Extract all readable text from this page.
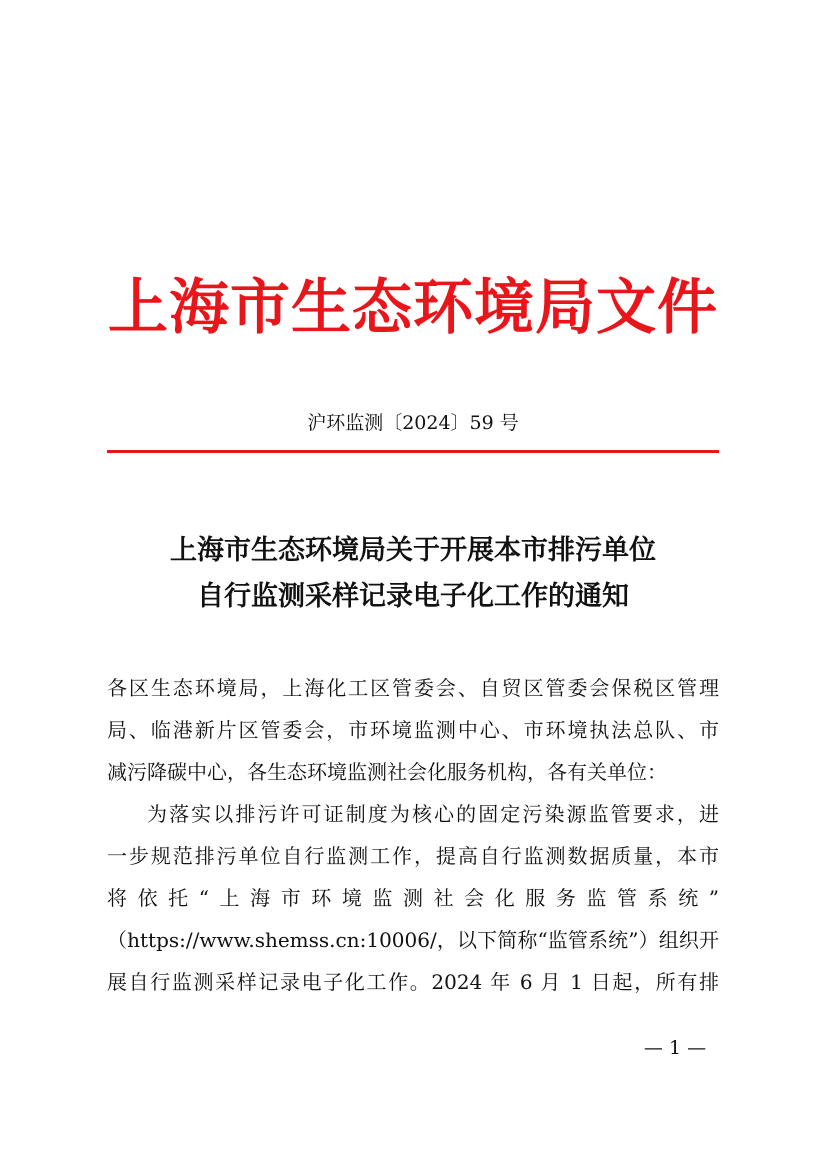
上海市生态环境局文件
沪环监测〔2024〕59 号
上海市生态环境局关于开展本市排污单位
自行监测采样记录电子化工作的通知
各区生态环境局，上海化工区管委会、自贸区管委会保税区管理
局、临港新片区管委会，市环境监测中心、市环境执法总队、市
减污降碳中心，各生态环境监测社会化服务机构，各有关单位：
为落实以排污许可证制度为核心的固定污染源监管要求，进
一步规范排污单位自行监测工作，提高自行监测数据质量，本市
将依托“上海市环境监测社会化服务监管系统”
（https://www.shemss.cn:10006/，以下简称“监管系统”）组织开
展自行监测采样记录电子化工作。2024 年 6 月 1 日起，所有排
— 1 —
